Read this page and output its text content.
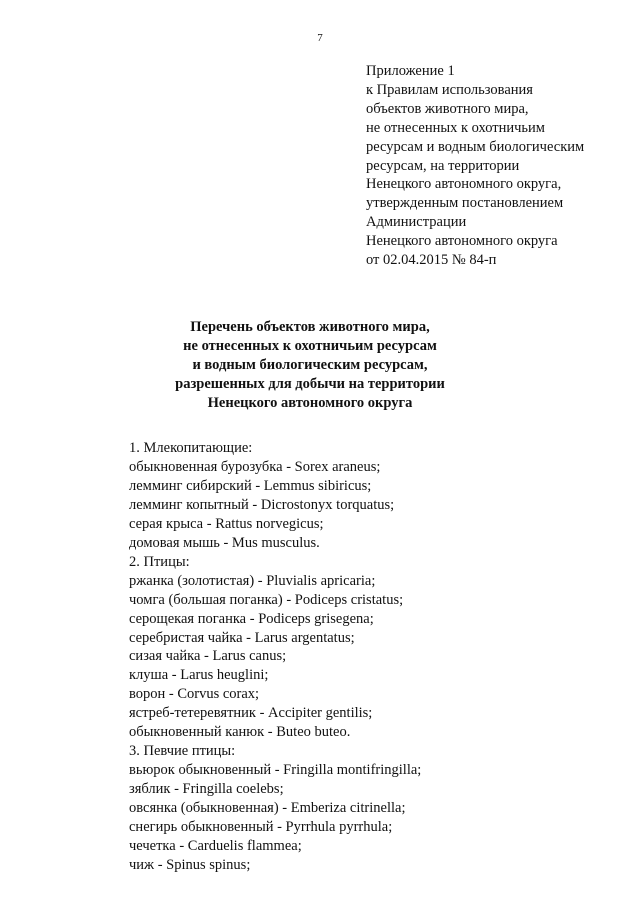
7
Приложение 1
к Правилам использования
объектов животного мира,
не отнесенных к охотничьим
ресурсам и водным биологическим
ресурсам, на территории
Ненецкого автономного округа,
утвержденным постановлением
Администрации
Ненецкого автономного округа
от 02.04.2015 № 84-п
Перечень объектов животного мира,
не отнесенных к охотничьим ресурсам
и водным биологическим ресурсам,
разрешенных для добычи на территории
Ненецкого автономного округа
1. Млекопитающие:
обыкновенная бурозубка - Sorex araneus;
лемминг сибирский - Lemmus sibiricus;
лемминг копытный - Dicrostonyx torquatus;
серая крыса - Rattus norvegicus;
домовая мышь - Mus musculus.
2. Птицы:
ржанка (золотистая) - Pluvialis apricaria;
чомга (большая поганка) - Podiceps cristatus;
серощекая поганка - Podiceps grisegena;
серебристая чайка - Larus argentatus;
сизая чайка - Larus canus;
клуша - Larus heuglini;
ворон - Corvus corax;
ястреб-тетеревятник - Accipiter gentilis;
обыкновенный канюк - Buteo buteo.
3. Певчие птицы:
вьюрок обыкновенный - Fringilla montifringilla;
зяблик - Fringilla coelebs;
овсянка (обыкновенная) - Emberiza citrinella;
снегирь обыкновенный - Pyrrhula pyrrhula;
чечетка - Carduelis flammea;
чиж - Spinus spinus;
